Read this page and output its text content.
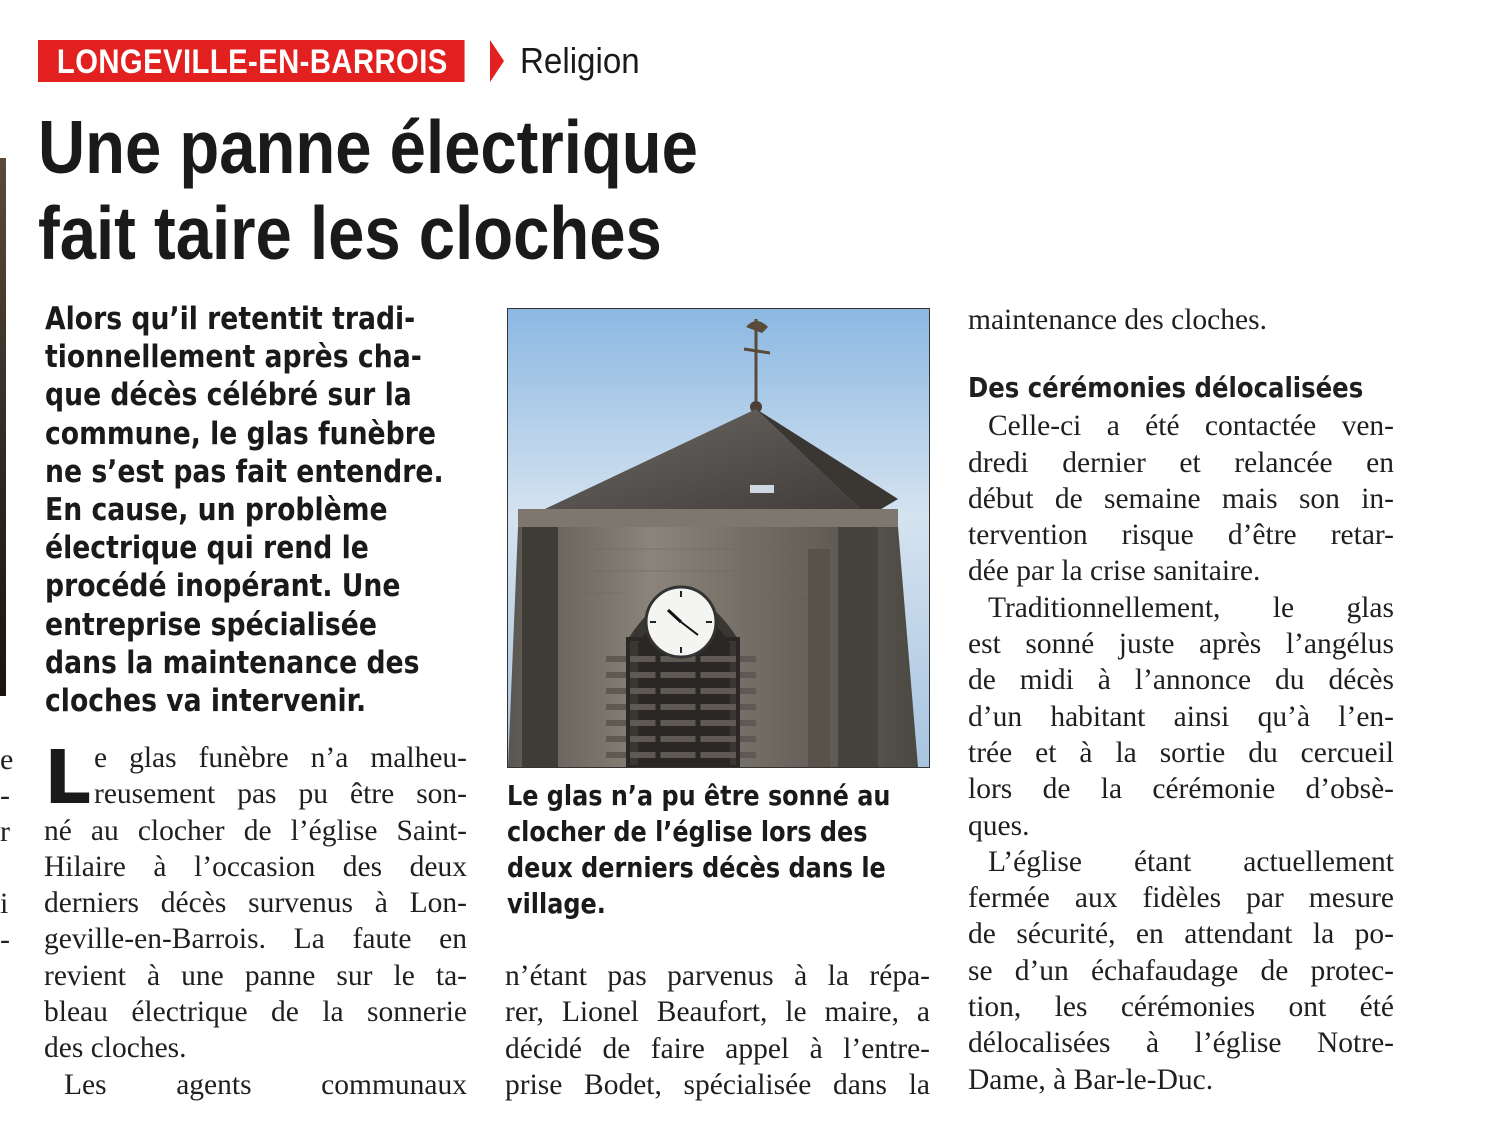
e
-
r
i
-
LONGEVILLE-EN-BARROIS	Religion
Une panne électrique
fait taire les cloches

Alors qu’il retentit tradi-
tionnellement après cha-
que décès célébré sur la
commune, le glas funèbre
ne s’est pas fait entendre.
En cause, un problème
électrique qui rend le
procédé inopérant. Une
entreprise spécialisée
dans la maintenance des
cloches va intervenir.

L e glas funèbre n’a malheu-
reusement pas pu être son-
né au clocher de l’église Saint-
Hilaire à l’occasion des deux
derniers décès survenus à Lon-
geville-en-Barrois. La faute en
revient à une panne sur le ta-
bleau électrique de la sonnerie
des cloches.
Les agents communaux

Le glas n’a pu être sonné au
clocher de l’église lors des
deux derniers décès dans le
village.

n’étant pas parvenus à la répa-
rer, Lionel Beaufort, le maire, a
décidé de faire appel à l’entre-
prise Bodet, spécialisée dans la
maintenance des cloches.
Des cérémonies délocalisées
Celle-ci a été contactée ven-
dredi dernier et relancée en
début de semaine mais son in-
tervention risque d’être retar-
dée par la crise sanitaire.
Traditionnellement, le glas
est sonné juste après l’angélus
de midi à l’annonce du décès
d’un habitant ainsi qu’à l’en-
trée et à la sortie du cercueil
lors de la cérémonie d’obsè-
ques.
L’église étant actuellement
fermée aux fidèles par mesure
de sécurité, en attendant la po-
se d’un échafaudage de protec-
tion, les cérémonies ont été
délocalisées à l’église Notre-
Dame, à Bar-le-Duc.
